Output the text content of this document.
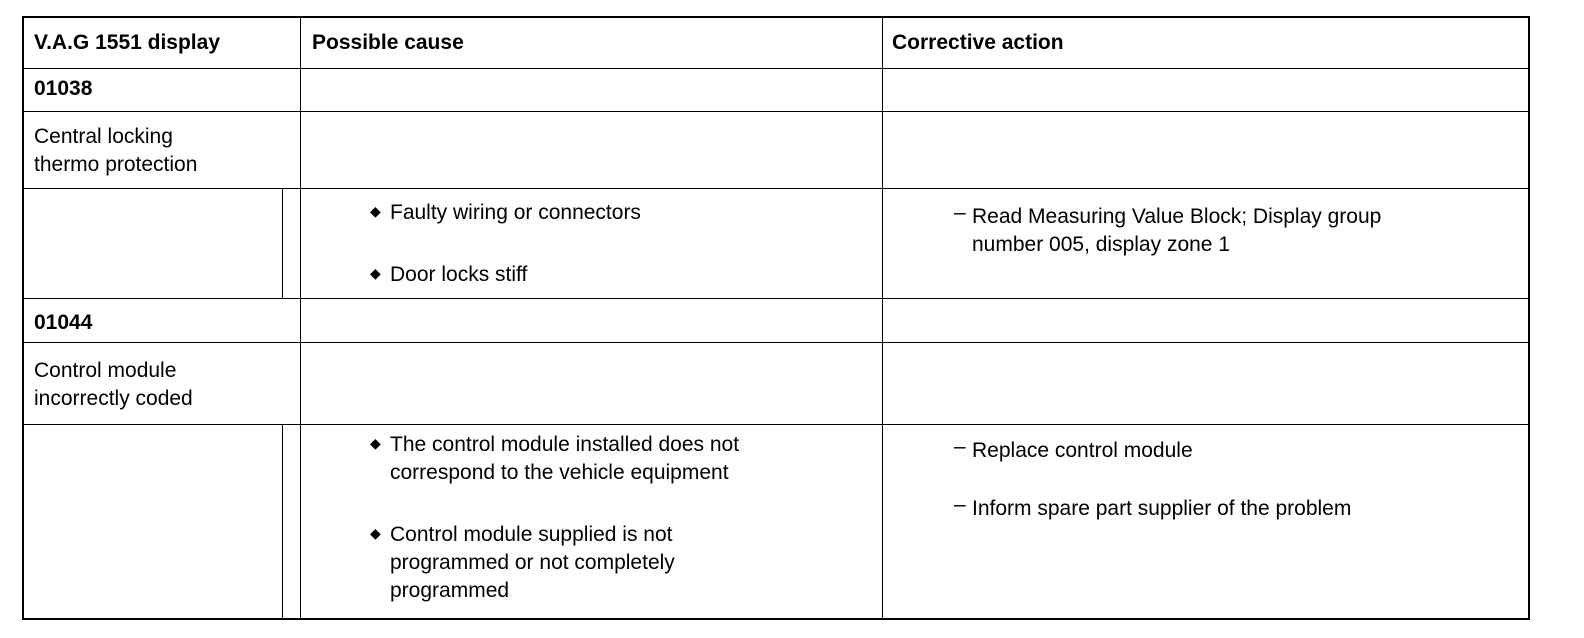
V.A.G 1551 display	Possible cause	Corrective action
01038
Central locking
thermo protection
◆ Faulty wiring or connectors
◆ Door locks stiff
– Read Measuring Value Block; Display group
number 005, display zone 1
01044
Control module
incorrectly coded
◆ The control module installed does not
correspond to the vehicle equipment
◆ Control module supplied is not
programmed or not completely
programmed
– Replace control module
– Inform spare part supplier of the problem
